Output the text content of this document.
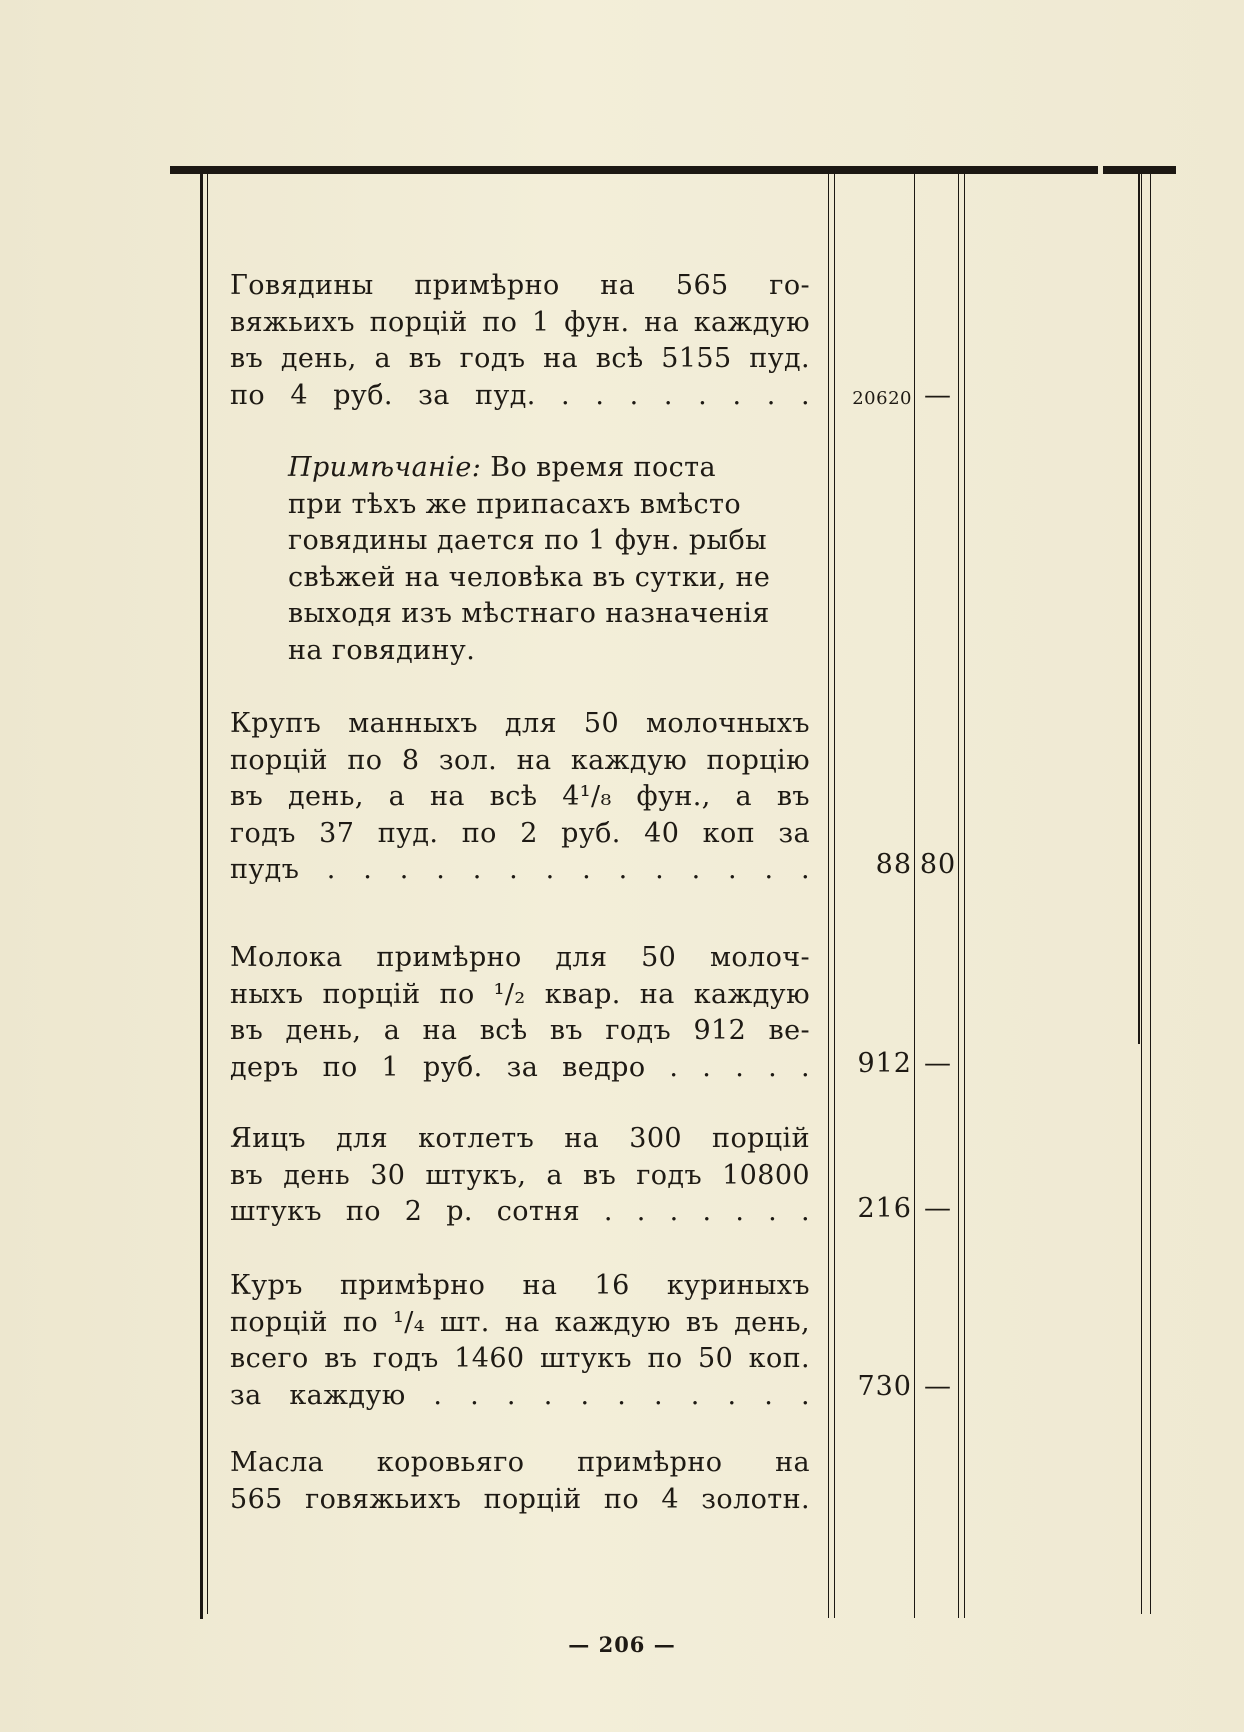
Говядины примѣрно на 565 го-
вяжьихъ порцій по 1 фун. на каждую
въ день, а въ годъ на всѣ 5155 пуд.
по 4 руб. за пуд. . . . . . . . .	20620 —
Примѣчаніе: Во время поста
при тѣхъ же припасахъ вмѣсто
говядины дается по 1 фун. рыбы
свѣжей на человѣка въ сутки, не
выходя изъ мѣстнаго назначенія
на говядину.
Крупъ манныхъ для 50 молочныхъ
порцій по 8 зол. на каждую порцію
въ день, а на всѣ 4¹/₈ фун., а въ
годъ 37 пуд. по 2 руб. 40 коп за
пудъ . . . . . . . . . . . . . .	88 80
Молока примѣрно для 50 молоч-
ныхъ порцій по ¹/₂ квар. на каждую
въ день, а на всѣ въ годъ 912 ве-
деръ по 1 руб. за ведро . . . . .	912 —
Яицъ для котлетъ на 300 порцій
въ день 30 штукъ, а въ годъ 10800
штукъ по 2 р. сотня . . . . . . .	216 —
Куръ примѣрно на 16 куриныхъ
порцій по ¹/₄ шт. на каждую въ день,
всего въ годъ 1460 штукъ по 50 коп.
за каждую . . . . . . . . . . .	730 —
Масла коровьяго примѣрно на
565 говяжьихъ порцій по 4 золотн.
— 206 —
